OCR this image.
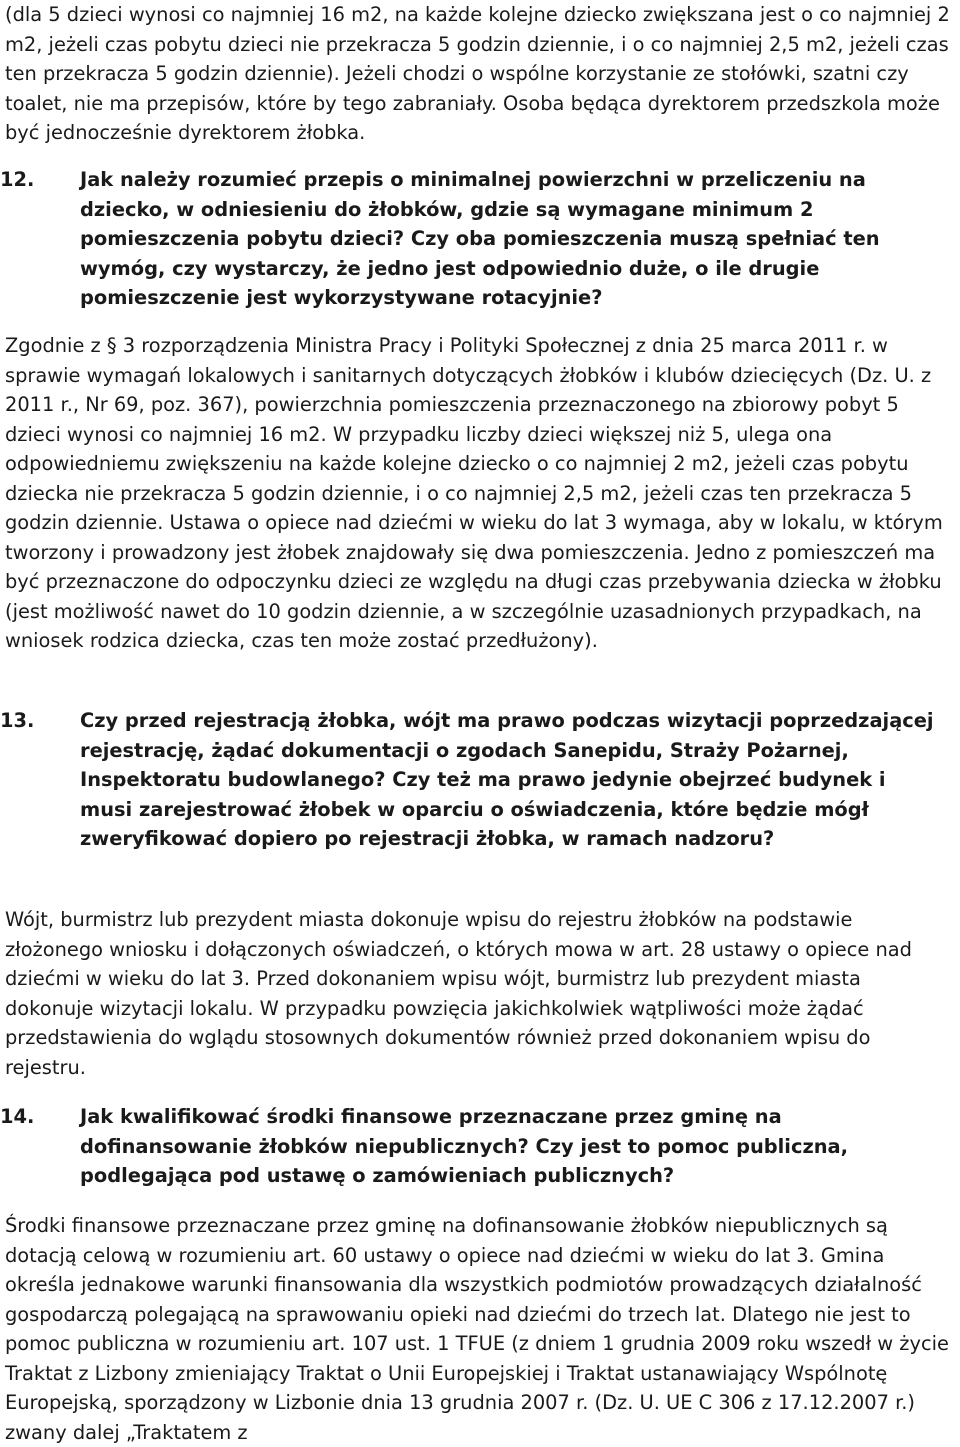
(dla 5 dzieci wynosi co najmniej 16 m2, na każde kolejne dziecko zwiększana jest o co najmniej 2 m2, jeżeli czas pobytu dzieci nie przekracza 5 godzin dziennie, i o co najmniej 2,5 m2, jeżeli czas ten przekracza 5 godzin dziennie). Jeżeli chodzi o wspólne korzystanie ze stołówki, szatni czy toalet, nie ma przepisów, które by tego zabraniały. Osoba będąca dyrektorem przedszkola może być jednocześnie dyrektorem żłobka.

12. Jak należy rozumieć przepis o minimalnej powierzchni w przeliczeniu na dziecko, w odniesieniu do żłobków, gdzie są wymagane minimum 2 pomieszczenia pobytu dzieci? Czy oba pomieszczenia muszą spełniać ten wymóg, czy wystarczy, że jedno jest odpowiednio duże, o ile drugie pomieszczenie jest wykorzystywane rotacyjnie?

Zgodnie z § 3 rozporządzenia Ministra Pracy i Polityki Społecznej z dnia 25 marca 2011 r. w sprawie wymagań lokalowych i sanitarnych dotyczących żłobków i klubów dziecięcych (Dz. U. z 2011 r., Nr 69, poz. 367), powierzchnia pomieszczenia przeznaczonego na zbiorowy pobyt 5 dzieci wynosi co najmniej 16 m2. W przypadku liczby dzieci większej niż 5, ulega ona odpowiedniemu zwiększeniu na każde kolejne dziecko o co najmniej 2 m2, jeżeli czas pobytu dziecka nie przekracza 5 godzin dziennie, i o co najmniej 2,5 m2, jeżeli czas ten przekracza 5 godzin dziennie. Ustawa o opiece nad dziećmi w wieku do lat 3 wymaga, aby w lokalu, w którym tworzony i prowadzony jest żłobek znajdowały się dwa pomieszczenia. Jedno z pomieszczeń ma być przeznaczone do odpoczynku dzieci ze względu na długi czas przebywania dziecka w żłobku (jest możliwość nawet do 10 godzin dziennie, a w szczególnie uzasadnionych przypadkach, na wniosek rodzica dziecka, czas ten może zostać przedłużony).

13. Czy przed rejestracją żłobka, wójt ma prawo podczas wizytacji poprzedzającej rejestrację, żądać dokumentacji o zgodach Sanepidu, Straży Pożarnej, Inspektoratu budowlanego? Czy też ma prawo jedynie obejrzeć budynek i musi zarejestrować żłobek w oparciu o oświadczenia, które będzie mógł zweryfikować dopiero po rejestracji żłobka, w ramach nadzoru?

Wójt, burmistrz lub prezydent miasta dokonuje wpisu do rejestru żłobków na podstawie złożonego wniosku i dołączonych oświadczeń, o których mowa w art. 28 ustawy o opiece nad dziećmi w wieku do lat 3. Przed dokonaniem wpisu wójt, burmistrz lub prezydent miasta dokonuje wizytacji lokalu. W przypadku powzięcia jakichkolwiek wątpliwości może żądać przedstawienia do wglądu stosownych dokumentów również przed dokonaniem wpisu do rejestru.

14. Jak kwalifikować środki finansowe przeznaczane przez gminę na dofinansowanie żłobków niepublicznych? Czy jest to pomoc publiczna, podlegająca pod ustawę o zamówieniach publicznych?

Środki finansowe przeznaczane przez gminę na dofinansowanie żłobków niepublicznych są dotacją celową w rozumieniu art. 60 ustawy o opiece nad dziećmi w wieku do lat 3. Gmina określa jednakowe warunki finansowania dla wszystkich podmiotów prowadzących działalność gospodarczą polegającą na sprawowaniu opieki nad dziećmi do trzech lat. Dlatego nie jest to pomoc publiczna w rozumieniu art. 107 ust. 1 TFUE (z dniem 1 grudnia 2009 roku wszedł w życie Traktat z Lizbony zmieniający Traktat o Unii Europejskiej i Traktat ustanawiający Wspólnotę Europejską, sporządzony w Lizbonie dnia 13 grudnia 2007 r. (Dz. U. UE C 306 z 17.12.2007 r.) zwany dalej „Traktatem z
